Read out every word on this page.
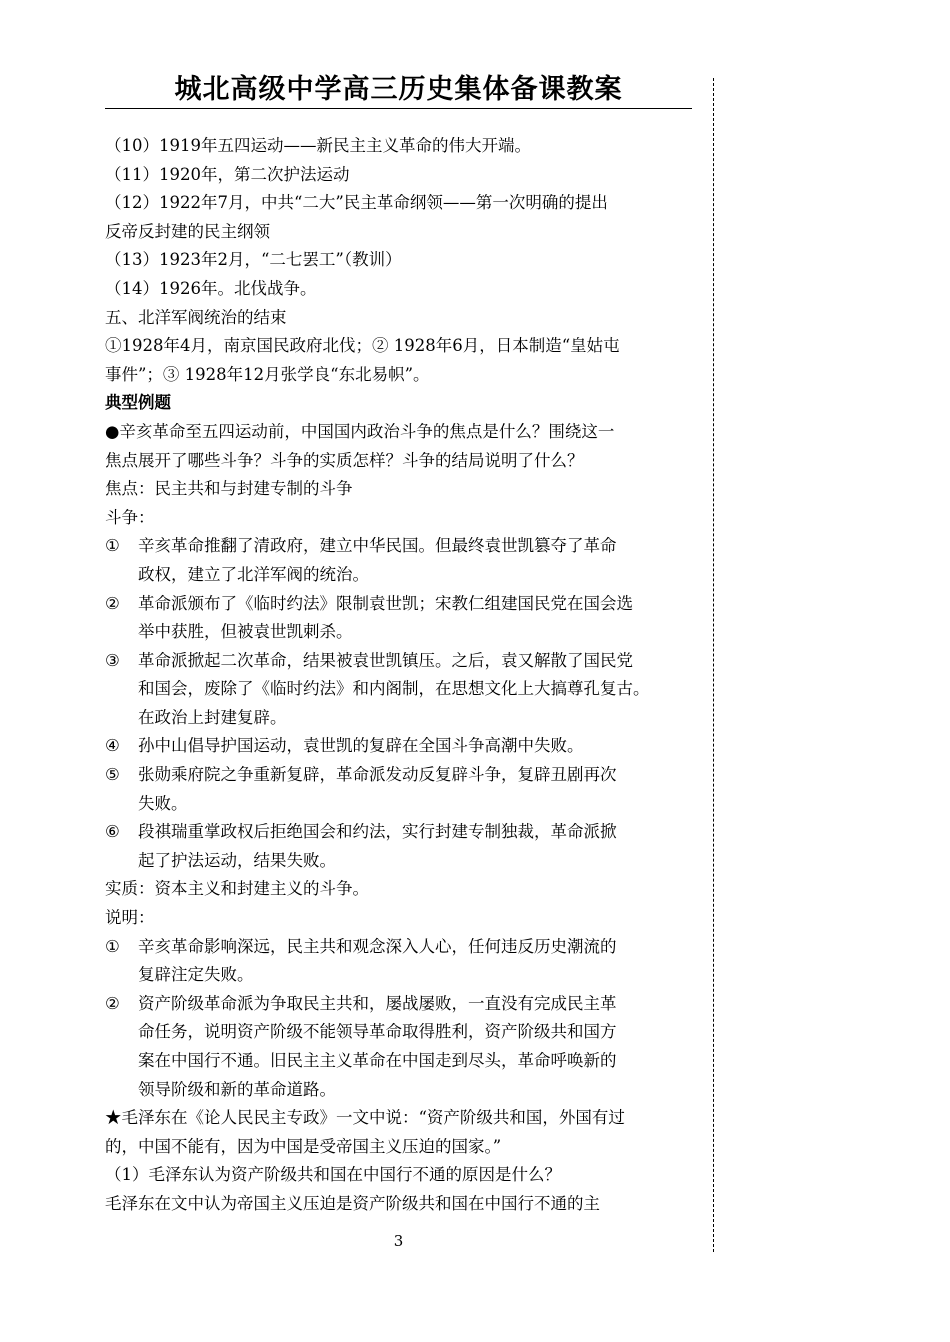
城北高级中学高三历史集体备课教案
（10）1919年五四运动——新民主主义革命的伟大开端。
（11）1920年，第二次护法运动
（12）1922年7月，中共“二大”民主革命纲领——第一次明确的提出
反帝反封建的民主纲领
（13）1923年2月，“二七罢工”（教训）
（14）1926年。北伐战争。
五、北洋军阀统治的结束
①1928年4月，南京国民政府北伐；② 1928年6月，日本制造“皇姑屯
事件”；③ 1928年12月张学良“东北易帜”。
典型例题
●辛亥革命至五四运动前，中国国内政治斗争的焦点是什么？围绕这一
焦点展开了哪些斗争？斗争的实质怎样？斗争的结局说明了什么？
焦点：民主共和与封建专制的斗争
斗争：
①	辛亥革命推翻了清政府，建立中华民国。但最终袁世凯篡夺了革命
政权，建立了北洋军阀的统治。
②	革命派颁布了《临时约法》限制袁世凯；宋教仁组建国民党在国会选
举中获胜，但被袁世凯刺杀。
③	革命派掀起二次革命，结果被袁世凯镇压。之后，袁又解散了国民党
和国会，废除了《临时约法》和内阁制，在思想文化上大搞尊孔复古。
在政治上封建复辟。
④	孙中山倡导护国运动，袁世凯的复辟在全国斗争高潮中失败。
⑤	张勋乘府院之争重新复辟，革命派发动反复辟斗争，复辟丑剧再次
失败。
⑥	段祺瑞重掌政权后拒绝国会和约法，实行封建专制独裁，革命派掀
起了护法运动，结果失败。
实质：资本主义和封建主义的斗争。
说明：
①	辛亥革命影响深远，民主共和观念深入人心，任何违反历史潮流的
复辟注定失败。
②	资产阶级革命派为争取民主共和，屡战屡败，一直没有完成民主革
命任务，说明资产阶级不能领导革命取得胜利，资产阶级共和国方
案在中国行不通。旧民主主义革命在中国走到尽头，革命呼唤新的
领导阶级和新的革命道路。
★毛泽东在《论人民民主专政》一文中说：“资产阶级共和国，外国有过
的，中国不能有，因为中国是受帝国主义压迫的国家。”
（1）毛泽东认为资产阶级共和国在中国行不通的原因是什么？
毛泽东在文中认为帝国主义压迫是资产阶级共和国在中国行不通的主
3
